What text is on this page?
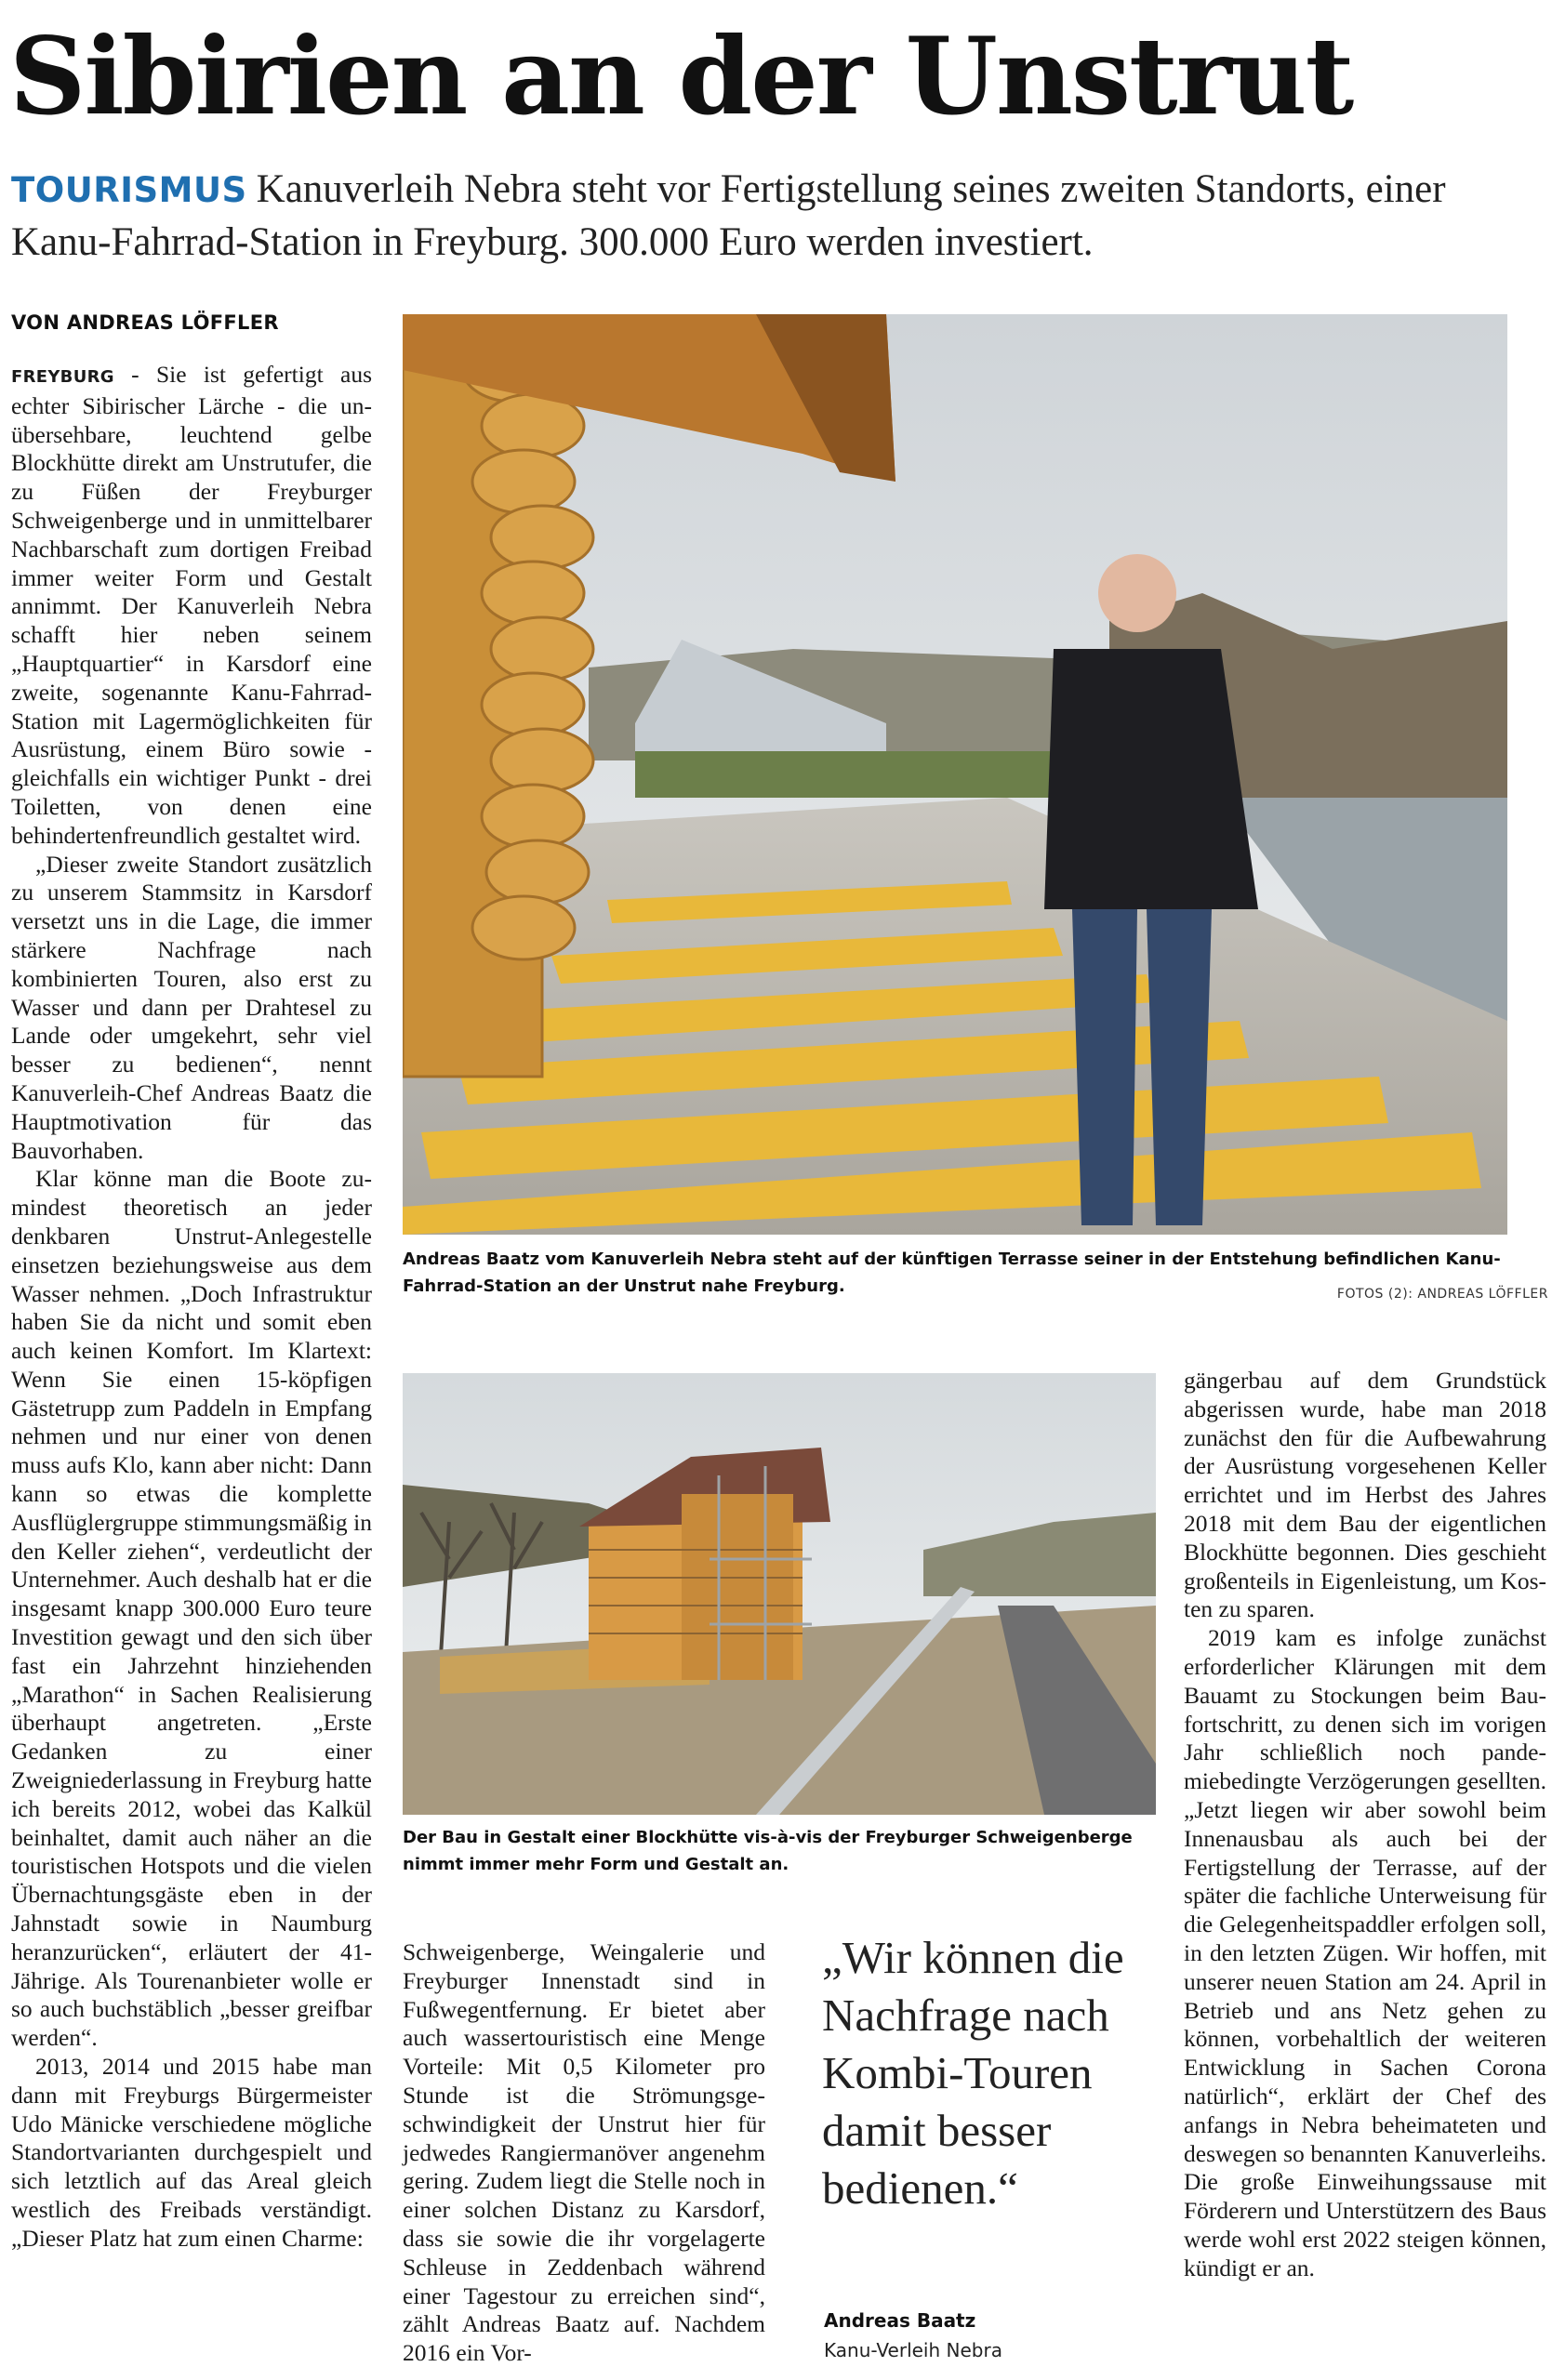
Sibirien an der Unstrut
TOURISMUS Kanuverleih Nebra steht vor Fertigstellung seines zweiten Standorts, einer Kanu-Fahrrad-Station in Freyburg. 300.000 Euro werden investiert.
VON ANDREAS LÖFFLER

FREYBURG - Sie ist gefertigt aus echter Sibirischer Lärche - die unübersehbare, leuchtend gelbe Blockhütte direkt am Unstrutufer, die zu Füßen der Freyburger Schweigenberge und in unmittelbarer Nachbarschaft zum dortigen Freibad immer weiter Form und Gestalt annimmt. Der Kanuverleih Nebra schafft hier neben seinem „Hauptquartier“ in Karsdorf eine zweite, sogenannte Kanu-Fahrrad-Station mit Lagermöglichkeiten für Ausrüstung, einem Büro sowie - gleichfalls ein wichtiger Punkt - drei Toiletten, von denen eine behindertenfreundlich gestaltet wird.

„Dieser zweite Standort zusätzlich zu unserem Stammsitz in Karsdorf versetzt uns in die Lage, die immer stärkere Nachfrage nach kombinierten Touren, also erst zu Wasser und dann per Drahtesel zu Lande oder umgekehrt, sehr viel besser zu bedienen“, nennt Kanuverleih-Chef Andreas Baatz die Hauptmotivation für das Bauvorhaben.

Klar könne man die Boote zumindest theoretisch an jeder denkbaren Unstrut-Anlegestelle einsetzen beziehungsweise aus dem Wasser nehmen. „Doch Infrastruktur haben Sie da nicht und somit eben auch keinen Komfort. Im Klartext: Wenn Sie einen 15-köpfigen Gästetrupp zum Paddeln in Empfang nehmen und nur einer von denen muss aufs Klo, kann aber nicht: Dann kann so etwas die komplette Ausflüglergruppe stimmungsmäßig in den Keller ziehen“, verdeutlicht der Unternehmer. Auch deshalb hat er die insgesamt knapp 300.000 Euro teure Investition gewagt und den sich über fast ein Jahrzehnt hinziehenden „Marathon“ in Sachen Realisierung überhaupt angetreten. „Erste Gedanken zu einer Zweigniederlassung in Freyburg hatte ich bereits 2012, wobei das Kalkül beinhaltet, damit auch näher an die touristischen Hotspots und die vielen Übernachtungsgäste eben in der Jahnstadt sowie in Naumburg heranzurücken“, erläutert der 41-Jährige. Als Tourenanbieter wolle er so auch buchstäblich „besser greifbar werden“.

2013, 2014 und 2015 habe man dann mit Freyburgs Bürgermeister Udo Mänicke verschiedene mögliche Standortvarianten durchgespielt und sich letztlich auf das Areal gleich westlich des Freibads verständigt. „Dieser Platz hat zum einen Charme:

Andreas Baatz vom Kanuverleih Nebra steht auf der künftigen Terrasse seiner in der Entstehung befindlichen Kanu-Fahrrad-Station an der Unstrut nahe Freyburg.	FOTOS (2): ANDREAS LÖFFLER
Der Bau in Gestalt einer Blockhütte vis-à-vis der Freyburger Schweigenberge nimmt immer mehr Form und Gestalt an.

Schweigenberge, Weingalerie und Freyburger Innenstadt sind in Fußwegentfernung. Er bietet aber auch wassertouristisch eine Menge Vorteile: Mit 0,5 Kilometer pro Stunde ist die Strömungsgeschwindigkeit der Unstrut hier für jedwedes Rangiermanöver angenehm gering. Zudem liegt die Stelle noch in einer solchen Distanz zu Karsdorf, dass sie sowie die ihr vorgelagerte Schleuse in Zeddenbach während einer Tagestour zu erreichen sind“, zählt Andreas Baatz auf. Nachdem 2016 ein Vor-

„Wir können die Nachfrage nach Kombi-Touren damit besser bedienen.“
Andreas Baatz
Kanu-Verleih Nebra

gängerbau auf dem Grundstück abgerissen wurde, habe man 2018 zunächst den für die Aufbewahrung der Ausrüstung vorgesehenen Keller errichtet und im Herbst des Jahres 2018 mit dem Bau der eigentlichen Blockhütte begonnen. Dies geschieht großenteils in Eigenleistung, um Kosten zu sparen.

2019 kam es infolge zunächst erforderlicher Klärungen mit dem Bauamt zu Stockungen beim Baufortschritt, zu denen sich im vorigen Jahr schließlich noch pandemiebedingte Verzögerungen gesellten. „Jetzt liegen wir aber sowohl beim Innenausbau als auch bei der Fertigstellung der Terrasse, auf der später die fachliche Unterweisung für die Gelegenheitspaddler erfolgen soll, in den letzten Zügen. Wir hoffen, mit unserer neuen Station am 24. April in Betrieb und ans Netz gehen zu können, vorbehaltlich der weiteren Entwicklung in Sachen Corona natürlich“, erklärt der Chef des anfangs in Nebra beheimateten und deswegen so benannten Kanuverleihs. Die große Einweihungssause mit Förderern und Unterstützern des Baus werde wohl erst 2022 steigen können, kündigt er an.
